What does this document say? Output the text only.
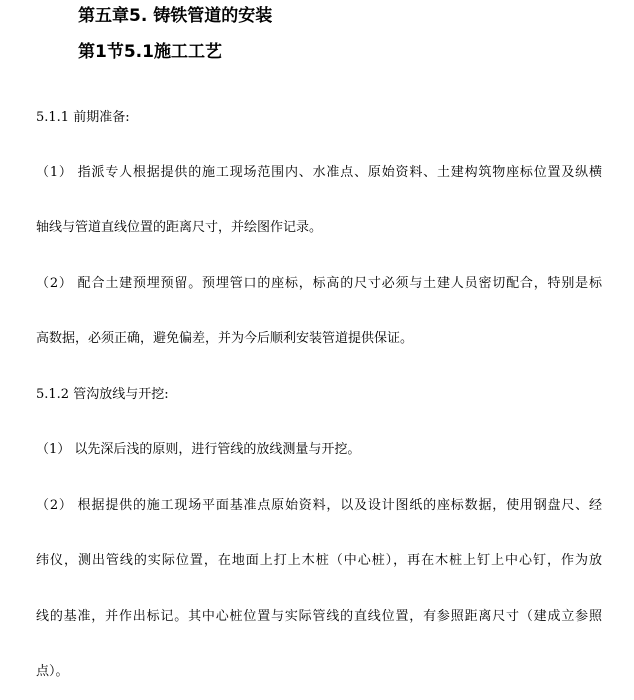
第五章5. 铸铁管道的安装
第1节5.1施工工艺

5.1.1 前期准备:

（1） 指派专人根据提供的施工现场范围内、水准点、原始资料、土建构筑物座标位置及纵横

轴线与管道直线位置的距离尺寸，并绘图作记录。

（2） 配合土建预埋预留。预埋管口的座标，标高的尺寸必须与土建人员密切配合，特别是标

高数据，必须正确，避免偏差，并为今后顺利安装管道提供保证。

5.1.2 管沟放线与开挖:

（1） 以先深后浅的原则，进行管线的放线测量与开挖。

（2） 根据提供的施工现场平面基准点原始资料，以及设计图纸的座标数据，使用钢盘尺、经

纬仪，测出管线的实际位置，在地面上打上木桩（中心桩），再在木桩上钉上中心钉，作为放

线的基准，并作出标记。其中心桩位置与实际管线的直线位置，有参照距离尺寸（建成立参照

点）。
